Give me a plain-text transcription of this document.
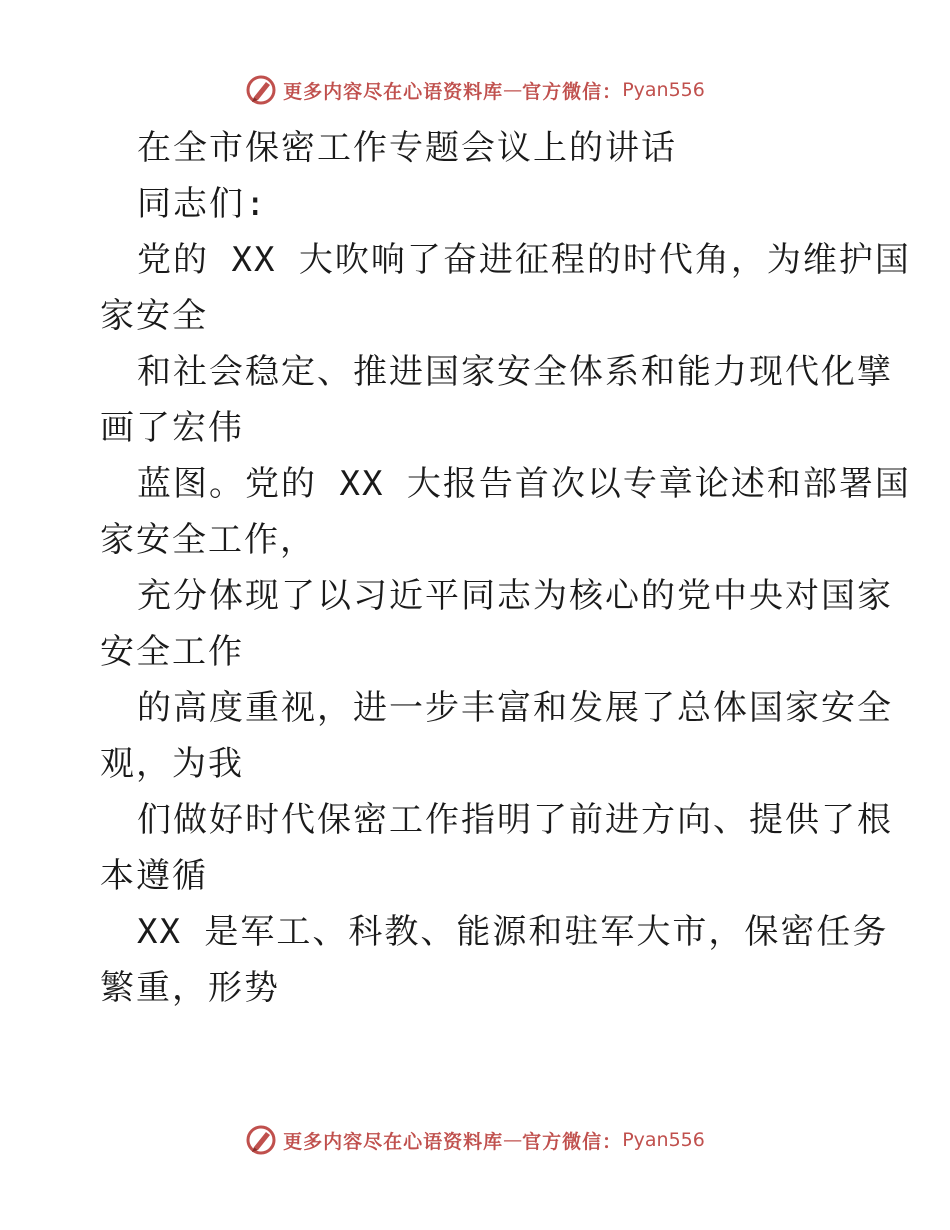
更多内容尽在心语资料库 — 官方微信： Pyan556
在全市保密工作专题会议上的讲话
同志们:
党的 XX 大吹响了奋进征程的时代角，为维护国
家安全
和社会稳定、推进国家安全体系和能力现代化擘
画了宏伟
蓝图。党的 XX 大报告首次以专章论述和部署国
家安全工作，
充分体现了以习近平同志为核心的党中央对国家
安全工作
的高度重视，进一步丰富和发展了总体国家安全
观，为我
们做好时代保密工作指明了前进方向、提供了根
本遵循
XX 是军工、科教、能源和驻军大市，保密任务
繁重，形势
更多内容尽在心语资料库 — 官方微信： Pyan556
